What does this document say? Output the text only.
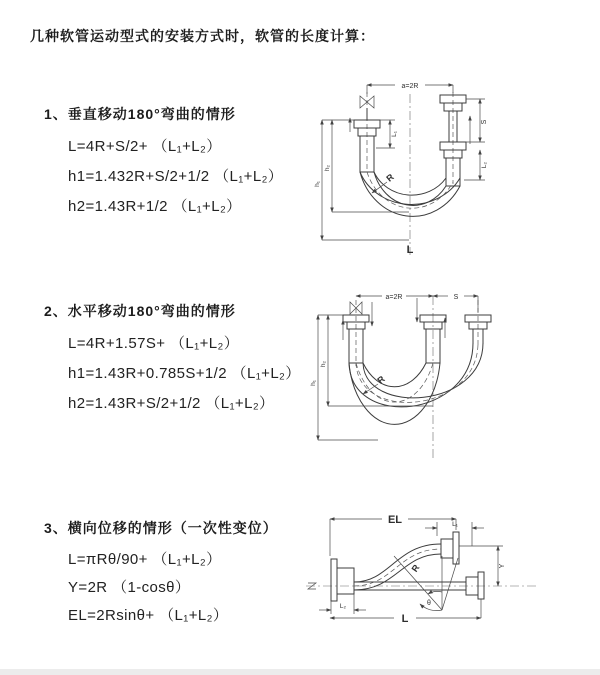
几种软管运动型式的安装方式时，软管的长度计算：
1、垂直移动180°弯曲的情形
L=4R+S/2+ （L₁+L₂）
h1=1.432R+S/2+1/2 （L₁+L₂）
h2=1.43R+1/2 （L₁+L₂）
2、水平移动180°弯曲的情形
L=4R+1.57S+ （L₁+L₂）
h1=1.43R+0.785S+1/2 （L₁+L₂）
h2=1.43R+S/2+1/2 （L₁+L₂）
3、横向位移的情形（一次性变位）
L=πRθ/90+ （L₁+L₂）
Y=2R （1-cosθ）
EL=2Rsinθ+ （L₁+L₂）
a=2R
L₁
S
L₂
h₁
h₂
R
L
a=2R	S
h₁
h₂
R
EL	L₁
L₂	θ
R	Y
L
